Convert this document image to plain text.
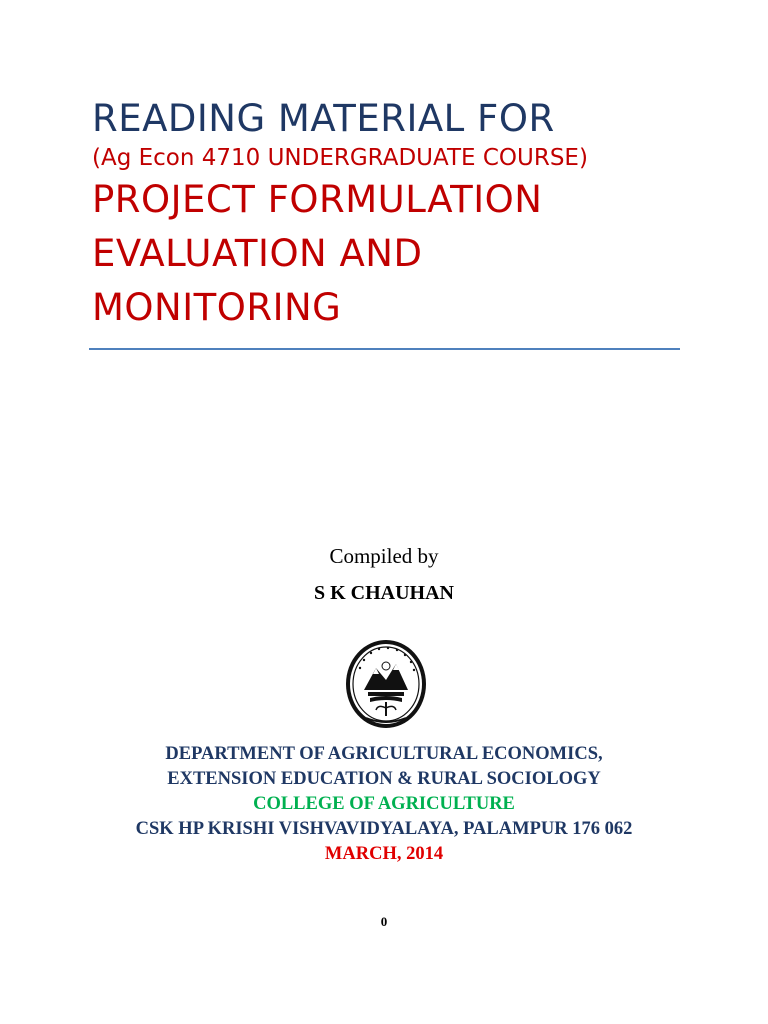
READING MATERIAL FOR
(Ag Econ 4710 UNDERGRADUATE COURSE)
PROJECT FORMULATION
EVALUATION AND
MONITORING
Compiled by
S K CHAUHAN
DEPARTMENT OF AGRICULTURAL ECONOMICS,
EXTENSION EDUCATION & RURAL SOCIOLOGY
COLLEGE OF AGRICULTURE
CSK HP KRISHI VISHVAVIDYALAYA, PALAMPUR 176 062
MARCH, 2014
0
